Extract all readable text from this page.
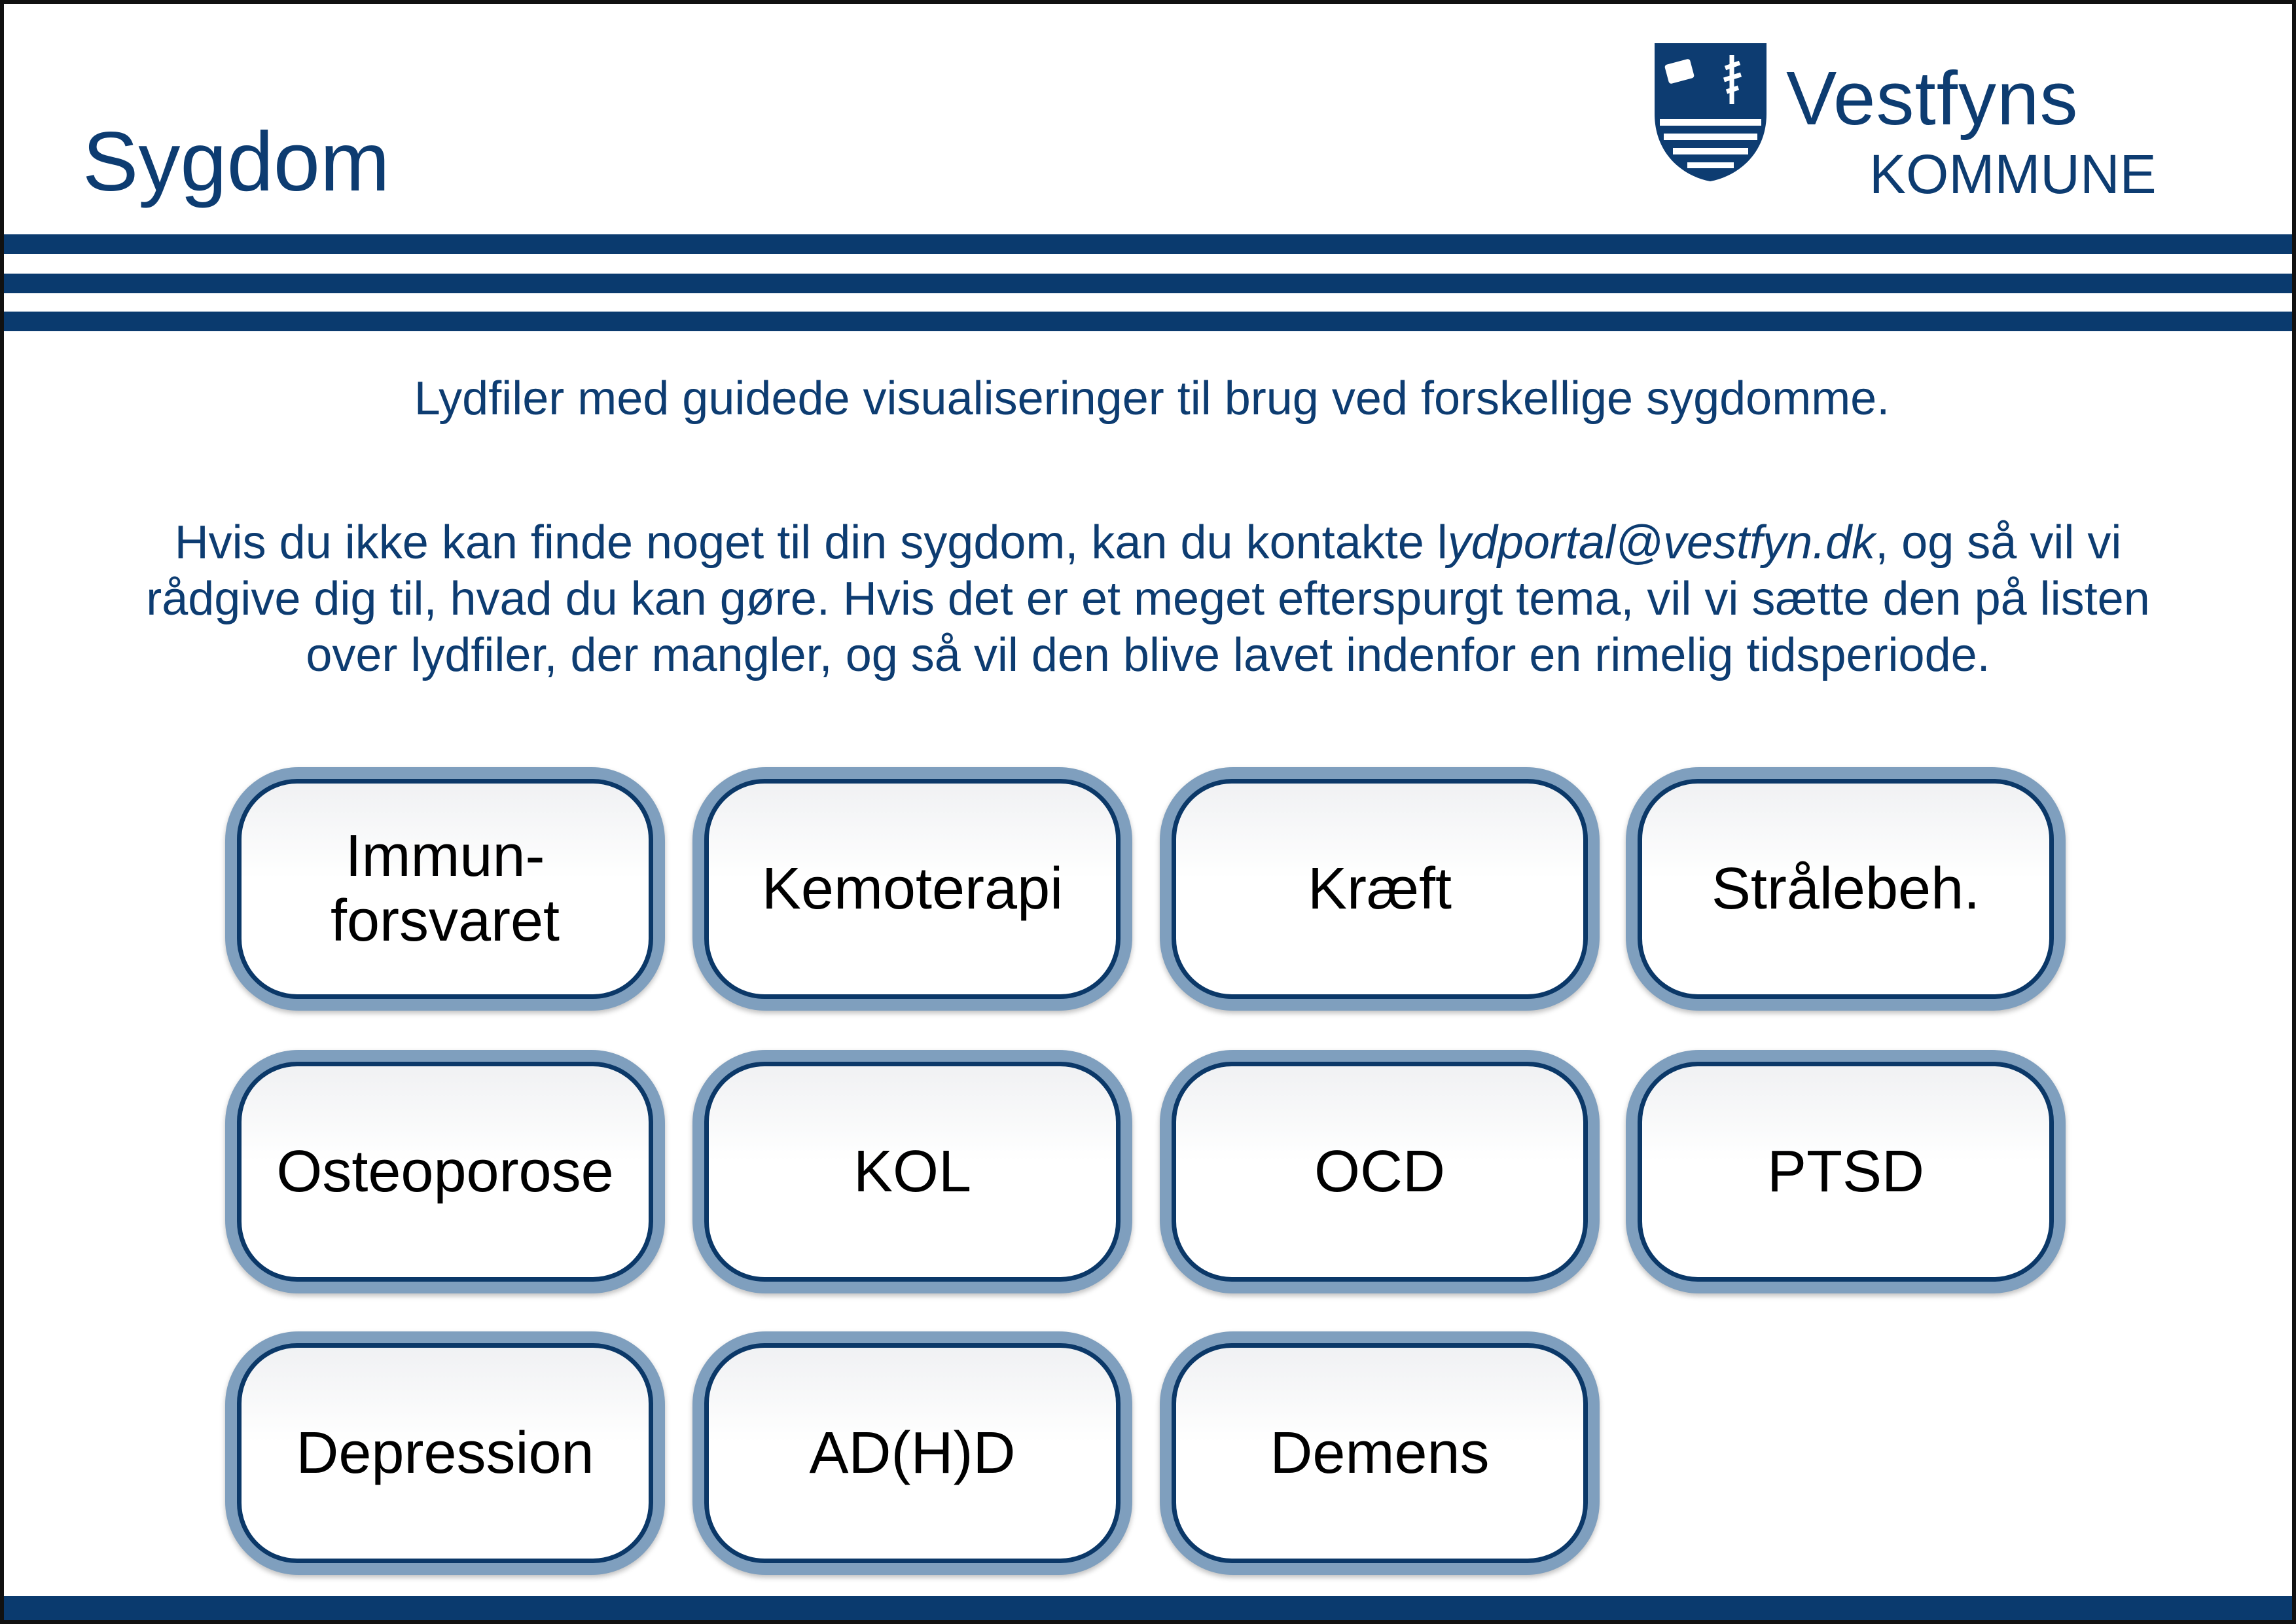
Sygdom
Vestfyns
KOMMUNE
Lydfiler med guidede visualiseringer til brug ved forskellige sygdomme.
Hvis du ikke kan finde noget til din sygdom, kan du kontakte lydportal@vestfyn.dk, og så vil vi rådgive dig til, hvad du kan gøre. Hvis det er et meget efterspurgt tema, vil vi sætte den på listen over lydfiler, der mangler, og så vil den blive lavet indenfor en rimelig tidsperiode.
Immun-
forsvaret	Kemoterapi	Kræft	Strålebeh.
Osteoporose	KOL	OCD	PTSD
Depression	AD(H)D	Demens
